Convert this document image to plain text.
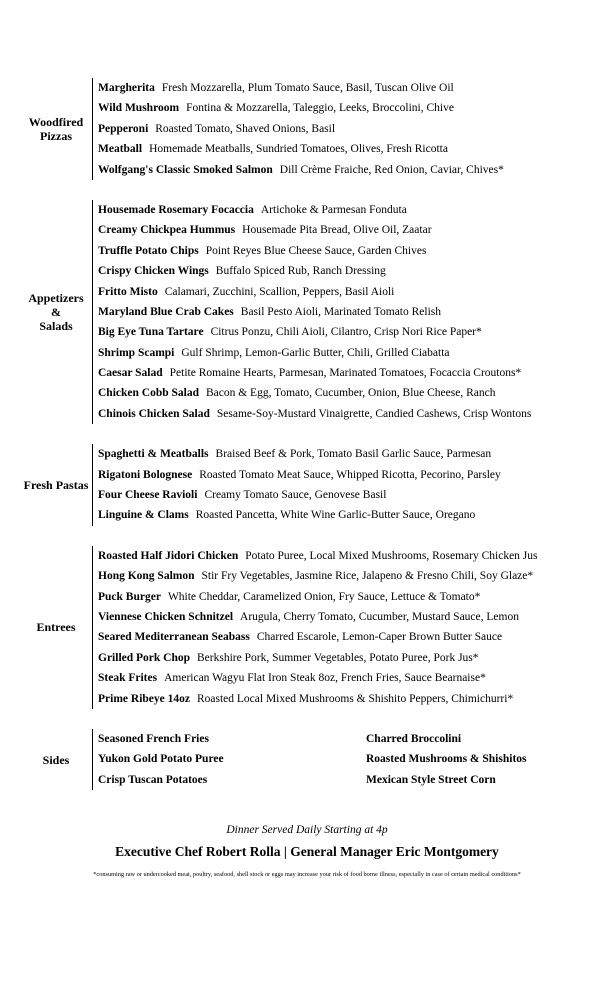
Woodfired
Pizzas
Margherita Fresh Mozzarella, Plum Tomato Sauce, Basil, Tuscan Olive Oil
Wild Mushroom Fontina & Mozzarella, Taleggio, Leeks, Broccolini, Chive
Pepperoni Roasted Tomato, Shaved Onions, Basil
Meatball Homemade Meatballs, Sundried Tomatoes, Olives, Fresh Ricotta
Wolfgang's Classic Smoked Salmon Dill Crème Fraiche, Red Onion, Caviar, Chives*
Appetizers
&
Salads
Housemade Rosemary Focaccia Artichoke & Parmesan Fonduta
Creamy Chickpea Hummus Housemade Pita Bread, Olive Oil, Zaatar
Truffle Potato Chips Point Reyes Blue Cheese Sauce, Garden Chives
Crispy Chicken Wings Buffalo Spiced Rub, Ranch Dressing
Fritto Misto Calamari, Zucchini, Scallion, Peppers, Basil Aioli
Maryland Blue Crab Cakes Basil Pesto Aioli, Marinated Tomato Relish
Big Eye Tuna Tartare Citrus Ponzu, Chili Aioli, Cilantro, Crisp Nori Rice Paper*
Shrimp Scampi Gulf Shrimp, Lemon-Garlic Butter, Chili, Grilled Ciabatta
Caesar Salad Petite Romaine Hearts, Parmesan, Marinated Tomatoes, Focaccia Croutons*
Chicken Cobb Salad Bacon & Egg, Tomato, Cucumber, Onion, Blue Cheese, Ranch
Chinois Chicken Salad Sesame-Soy-Mustard Vinaigrette, Candied Cashews, Crisp Wontons
Fresh Pastas
Spaghetti & Meatballs Braised Beef & Pork, Tomato Basil Garlic Sauce, Parmesan
Rigatoni Bolognese Roasted Tomato Meat Sauce, Whipped Ricotta, Pecorino, Parsley
Four Cheese Ravioli Creamy Tomato Sauce, Genovese Basil
Linguine & Clams Roasted Pancetta, White Wine Garlic-Butter Sauce, Oregano
Entrees
Roasted Half Jidori Chicken Potato Puree, Local Mixed Mushrooms, Rosemary Chicken Jus
Hong Kong Salmon Stir Fry Vegetables, Jasmine Rice, Jalapeno & Fresno Chili, Soy Glaze*
Puck Burger White Cheddar, Caramelized Onion, Fry Sauce, Lettuce & Tomato*
Viennese Chicken Schnitzel Arugula, Cherry Tomato, Cucumber, Mustard Sauce, Lemon
Seared Mediterranean Seabass Charred Escarole, Lemon-Caper Brown Butter Sauce
Grilled Pork Chop Berkshire Pork, Summer Vegetables, Potato Puree, Pork Jus*
Steak Frites American Wagyu Flat Iron Steak 8oz, French Fries, Sauce Bearnaise*
Prime Ribeye 14oz Roasted Local Mixed Mushrooms & Shishito Peppers, Chimichurri*
Sides
Seasoned French Fries	Charred Broccolini
Yukon Gold Potato Puree	Roasted Mushrooms & Shishitos
Crisp Tuscan Potatoes	Mexican Style Street Corn
Dinner Served Daily Starting at 4p
Executive Chef Robert Rolla | General Manager Eric Montgomery
*consuming raw or undercooked meat, poultry, seafood, shell stock or eggs may increase your risk of food borne illness, especially in case of certain medical conditions*
